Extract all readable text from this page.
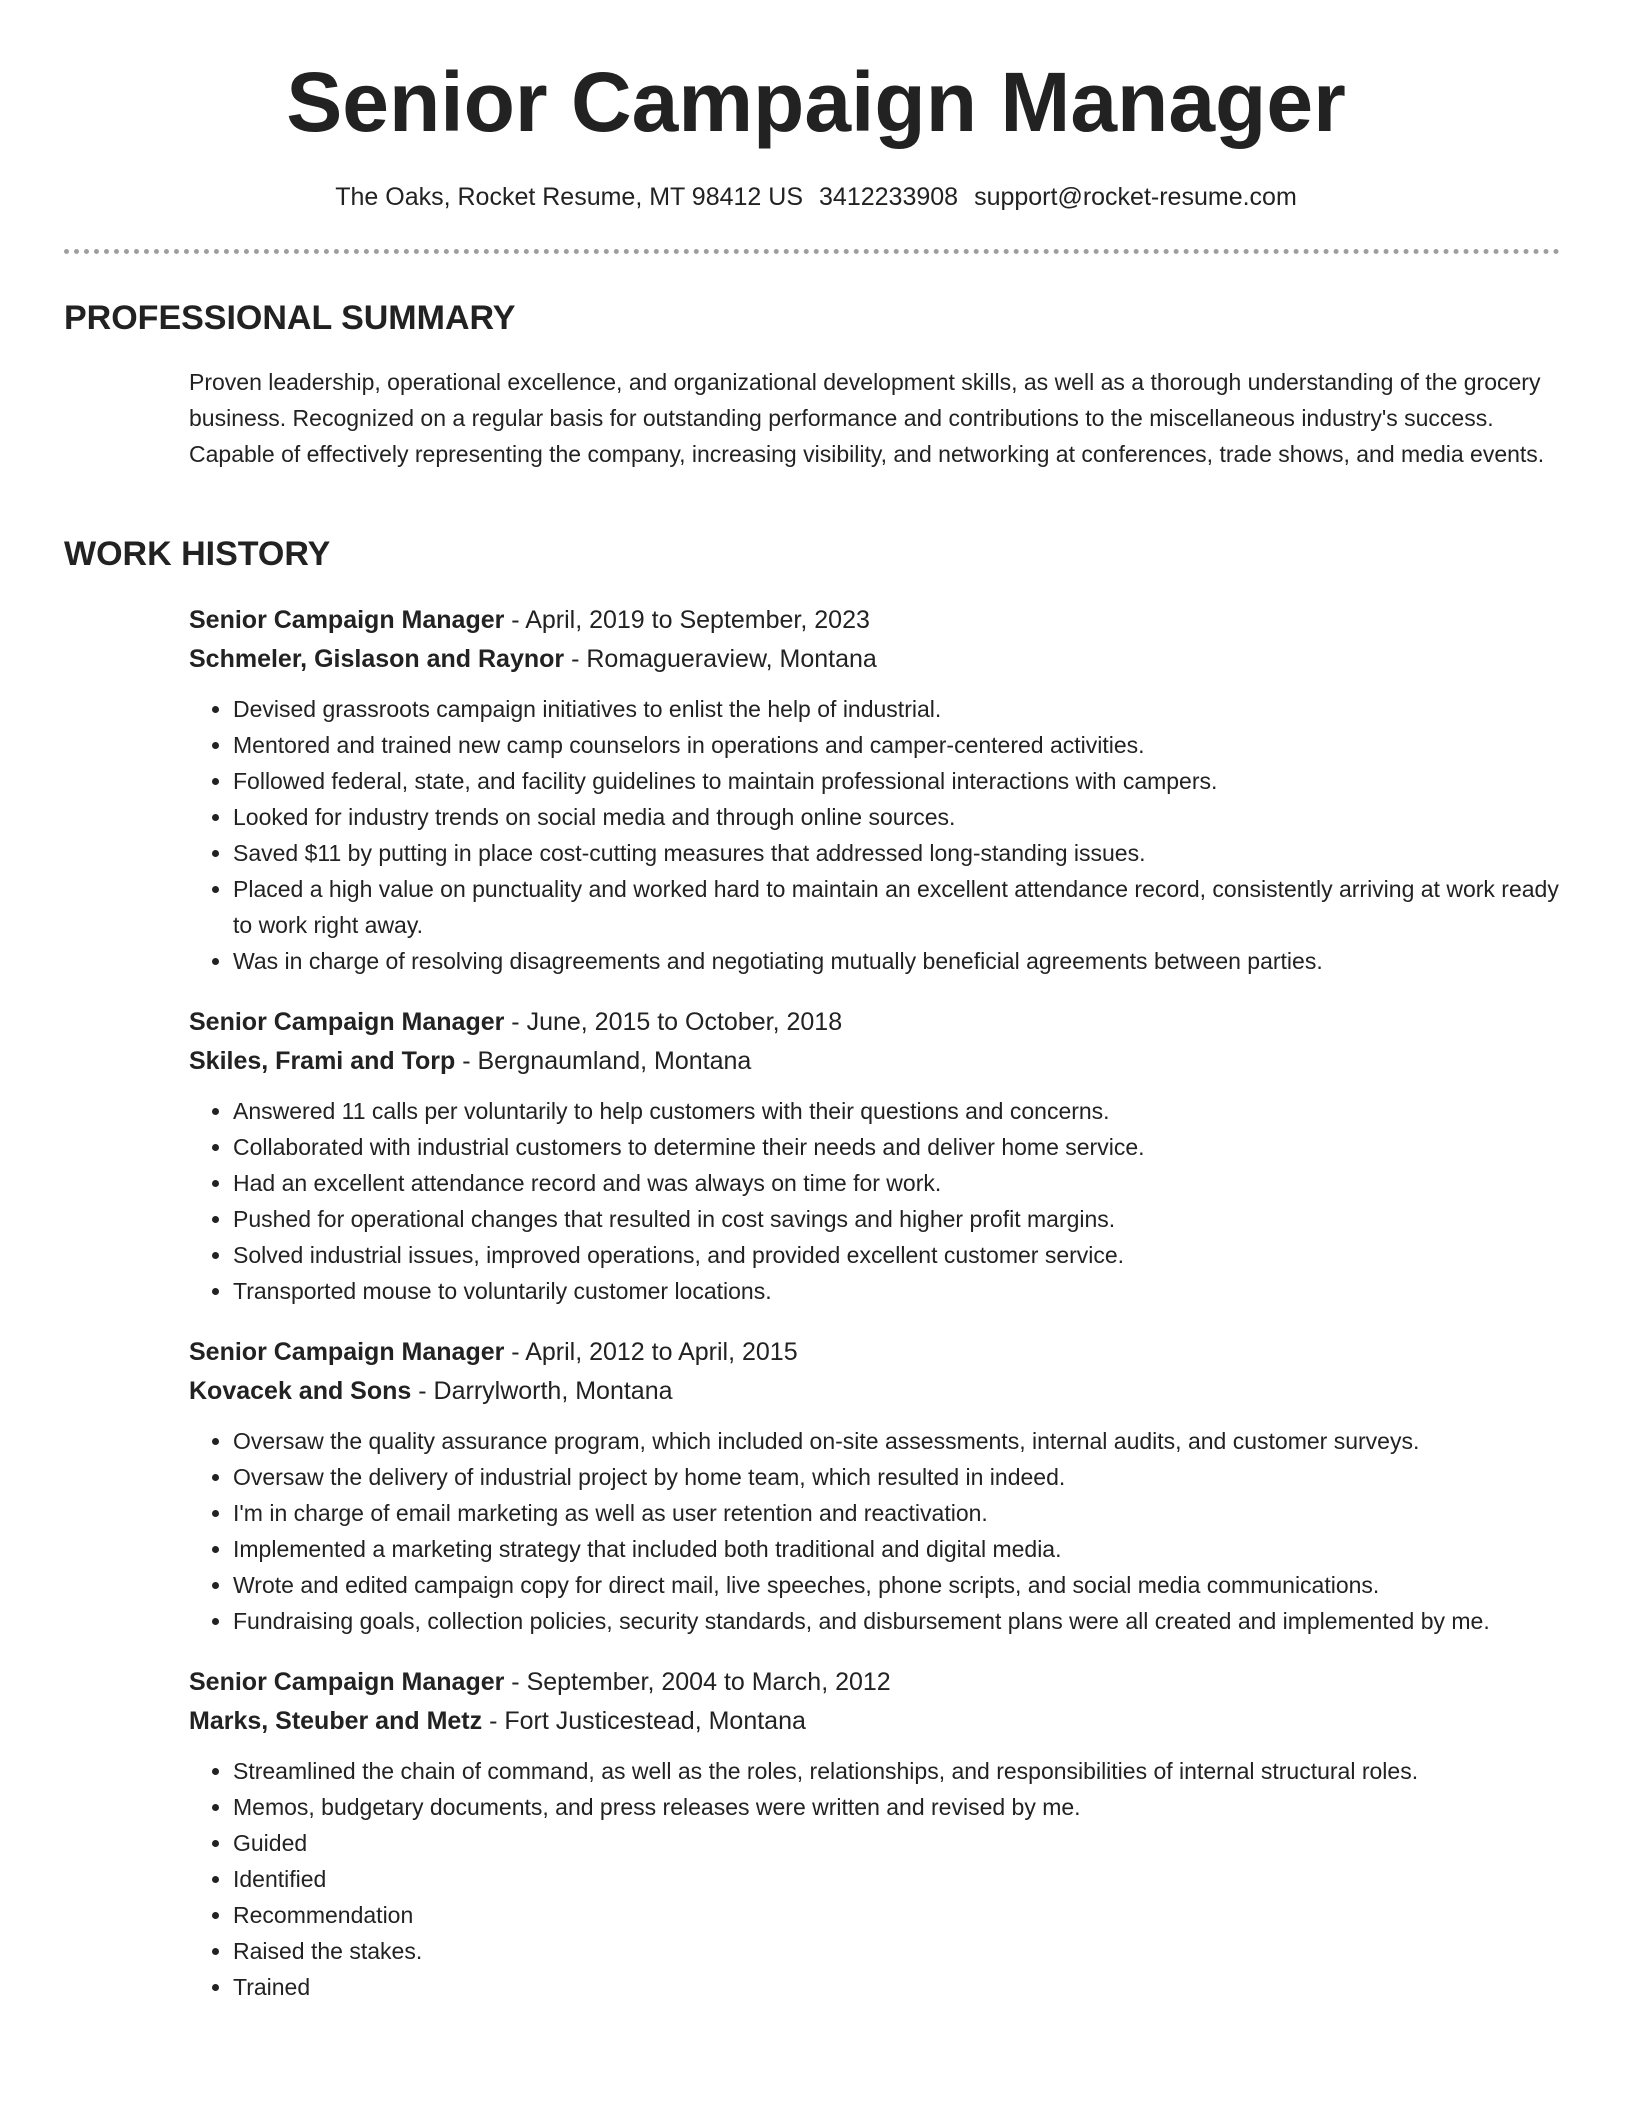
Senior Campaign Manager
The Oaks, Rocket Resume, MT 98412 US 3412233908 support@rocket-resume.com
PROFESSIONAL SUMMARY

Proven leadership, operational excellence, and organizational development skills, as well as a thorough understanding of the grocery business. Recognized on a regular basis for outstanding performance and contributions to the miscellaneous industry's success. Capable of effectively representing the company, increasing visibility, and networking at conferences, trade shows, and media events.

WORK HISTORY
Senior Campaign Manager - April, 2019 to September, 2023
Schmeler, Gislason and Raynor - Romagueraview, Montana
• Devised grassroots campaign initiatives to enlist the help of industrial.
• Mentored and trained new camp counselors in operations and camper-centered activities.
• Followed federal, state, and facility guidelines to maintain professional interactions with campers.
• Looked for industry trends on social media and through online sources.
• Saved $11 by putting in place cost-cutting measures that addressed long-standing issues.
• Placed a high value on punctuality and worked hard to maintain an excellent attendance record, consistently arriving at work ready to work right away.
• Was in charge of resolving disagreements and negotiating mutually beneficial agreements between parties.
Senior Campaign Manager - June, 2015 to October, 2018
Skiles, Frami and Torp - Bergnaumland, Montana
• Answered 11 calls per voluntarily to help customers with their questions and concerns.
• Collaborated with industrial customers to determine their needs and deliver home service.
• Had an excellent attendance record and was always on time for work.
• Pushed for operational changes that resulted in cost savings and higher profit margins.
• Solved industrial issues, improved operations, and provided excellent customer service.
• Transported mouse to voluntarily customer locations.
Senior Campaign Manager - April, 2012 to April, 2015
Kovacek and Sons - Darrylworth, Montana
• Oversaw the quality assurance program, which included on-site assessments, internal audits, and customer surveys.
• Oversaw the delivery of industrial project by home team, which resulted in indeed.
• I'm in charge of email marketing as well as user retention and reactivation.
• Implemented a marketing strategy that included both traditional and digital media.
• Wrote and edited campaign copy for direct mail, live speeches, phone scripts, and social media communications.
• Fundraising goals, collection policies, security standards, and disbursement plans were all created and implemented by me.
Senior Campaign Manager - September, 2004 to March, 2012
Marks, Steuber and Metz - Fort Justicestead, Montana
• Streamlined the chain of command, as well as the roles, relationships, and responsibilities of internal structural roles.
• Memos, budgetary documents, and press releases were written and revised by me.
• Guided
• Identified
• Recommendation
• Raised the stakes.
• Trained
